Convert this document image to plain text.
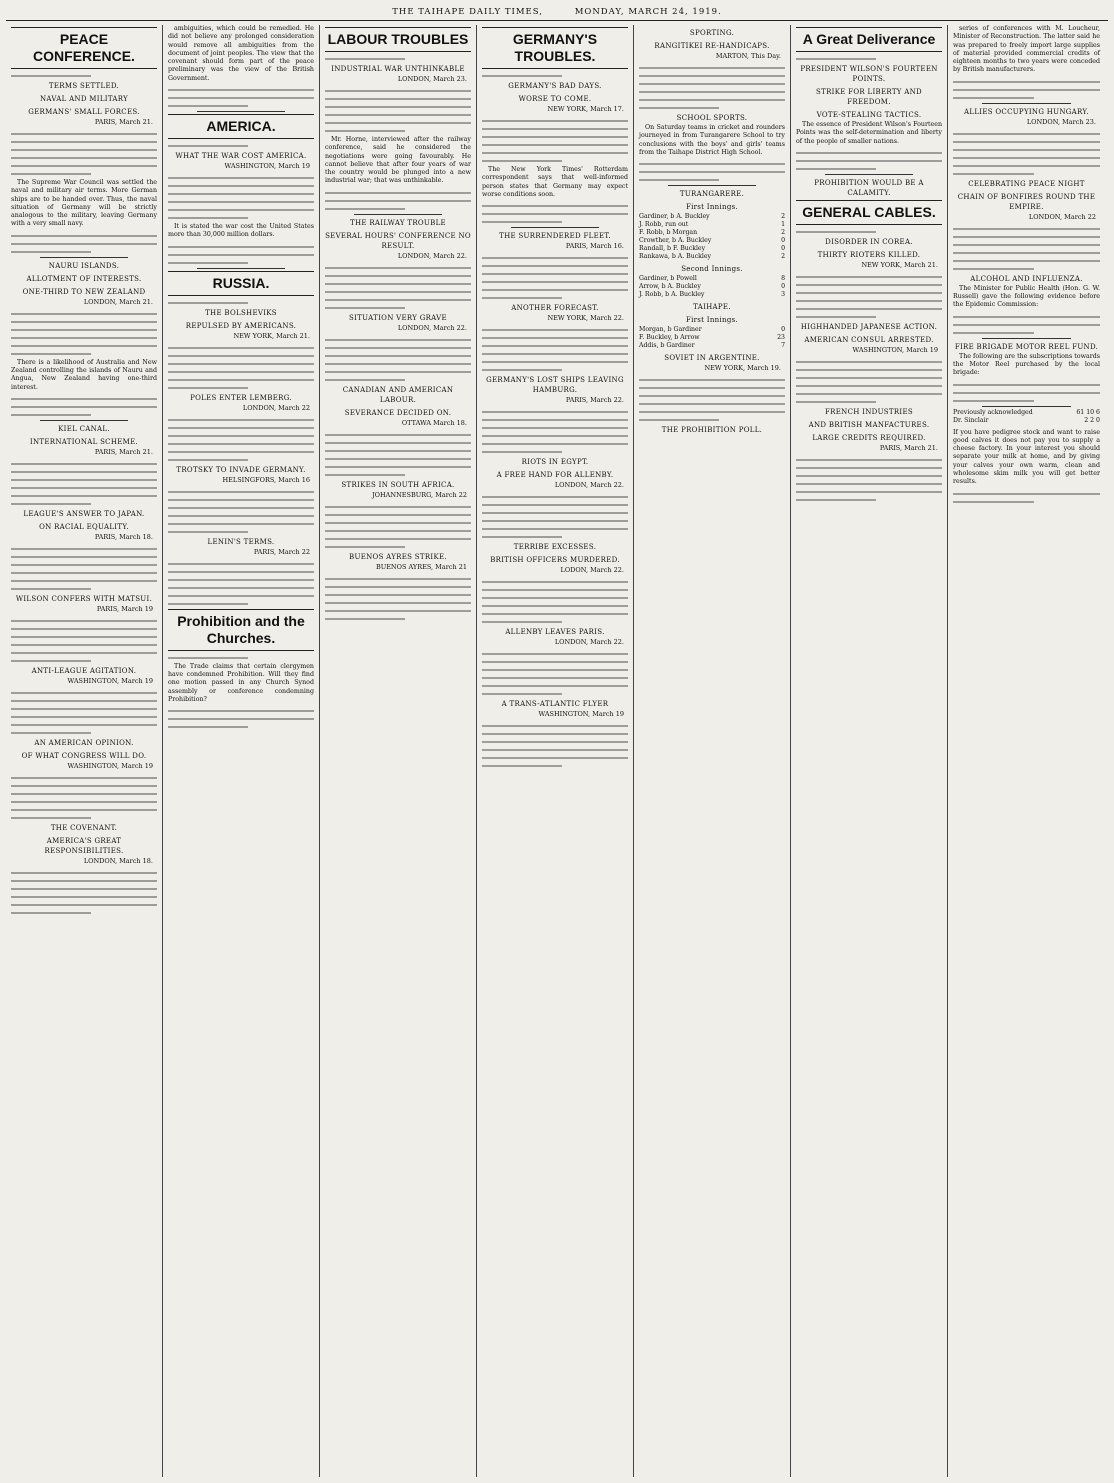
THE TAIHAPE DAILY TIMES,	MONDAY, MARCH 24, 1919.
PEACE CONFERENCE.
TERMS SETTLED.
NAVAL AND MILITARY
GERMANS' SMALL FORCES.
PARIS, March 21.

The Supreme War Council was settled the naval and military air terms. More German ships are to be handed over. Thus, the naval situation of Germany will be strictly analogous to the military, leaving Germany with a very small navy.

NAURU ISLANDS.
ALLOTMENT OF INTERESTS.
ONE-THIRD TO NEW ZEALAND
LONDON, March 21.

There is a likelihood of Australia and New Zealand controlling the islands of Nauru and Angua, New Zealand having one-third interest.

KIEL CANAL.
INTERNATIONAL SCHEME.
PARIS, March 21.
LEAGUE'S ANSWER TO JAPAN.
ON RACIAL EQUALITY.
PARIS, March 18.
WILSON CONFERS WITH MATSUI.
PARIS, March 19
ANTI-LEAGUE AGITATION.
WASHINGTON, March 19
AN AMERICAN OPINION.
OF WHAT CONGRESS WILL DO.
WASHINGTON, March 19
THE COVENANT.
AMERICA'S GREAT RESPONSIBILITIES.
LONDON, March 18.

ambiguities, which could be remedied. He did not believe any prolonged consideration would remove all ambiguities from the document of joint peoples. The view that the covenant should form part of the peace preliminary was the view of the British Government.

AMERICA.
WHAT THE WAR COST AMERICA.
WASHINGTON, March 19

It is stated the war cost the United States more than 30,000 million dollars.

RUSSIA.
THE BOLSHEVIKS
REPULSED BY AMERICANS.
NEW YORK, March 21.
POLES ENTER LEMBERG.
LONDON, March 22
TROTSKY TO INVADE GERMANY.
HELSINGFORS, March 16
LENIN'S TERMS.
PARIS, March 22
Prohibition and the Churches.

The Trade claims that certain clergymen have condemned Prohibition. Will they find one motion passed in any Church Synod assembly or conference condemning Prohibition?

LABOUR TROUBLES
INDUSTRIAL WAR UNTHINKABLE
LONDON, March 23.

Mr. Horne, interviewed after the railway conference, said he considered the negotiations were going favourably. He cannot believe that after four years of war the country would be plunged into a new industrial war; that was unthinkable.

THE RAILWAY TROUBLE
SEVERAL HOURS' CONFERENCE NO RESULT.
LONDON, March 22.
SITUATION VERY GRAVE
LONDON, March 22.
CANADIAN AND AMERICAN LABOUR.
SEVERANCE DECIDED ON.
OTTAWA March 18.
STRIKES IN SOUTH AFRICA.
JOHANNESBURG, March 22
BUENOS AYRES STRIKE.
BUENOS AYRES, March 21
GERMANY'S TROUBLES.
GERMANY'S BAD DAYS.
WORSE TO COME.
NEW YORK, March 17.

The New York Times' Rotterdam correspondent says that well-informed person states that Germany may expect worse conditions soon.

THE SURRENDERED FLEET.
PARIS, March 16.
ANOTHER FORECAST.
NEW YORK, March 22.
GERMANY'S LOST SHIPS LEAVING HAMBURG.
PARIS, March 22.
RIOTS IN EGYPT.
A FREE HAND FOR ALLENBY.
LONDON, March 22.
TERRIBE EXCESSES.
BRITISH OFFICERS MURDERED.
LODON, March 22.
ALLENBY LEAVES PARIS.
LONDON, March 22.
A TRANS-ATLANTIC FLYER
WASHINGTON, March 19
SPORTING.
RANGITIKEI RE-HANDICAPS.
MARTON, This Day.
SCHOOL SPORTS.

On Saturday teams in cricket and rounders journeyed in from Turangarere School to try conclusions with the boys' and girls' teams from the Taihape District High School.

TURANGARERE.
First Innings.
Gardiner, b A. Buckley	2
J. Robb, run out	1
F. Robb, b Morgan	2
Crowther, b A. Buckley	0
Randall, b F. Buckley	0
Rankawa, b A. Buckley	2
Second Innings.
Gardiner, b Powell	8
Arrow, b A. Buckley	0
J. Robb, b A. Buckley	3
TAIHAPE.
First Innings.
Morgan, b Gardiner	0
F. Buckley, b Arrow	23
Addis, b Gardiner	7
SOVIET IN ARGENTINE.
NEW YORK, March 19.
THE PROHIBITION POLL.
A Great Deliverance
PRESIDENT WILSON'S FOURTEEN POINTS.
STRIKE FOR LIBERTY AND FREEDOM.
VOTE-STEALING TACTICS.

The essence of President Wilson's Fourteen Points was the self-determination and liberty of the people of smaller nations.

PROHIBITION WOULD BE A CALAMITY.
GENERAL CABLES.
DISORDER IN COREA.
THIRTY RIOTERS KILLED.
NEW YORK, March 21.
HIGHHANDED JAPANESE ACTION.
AMERICAN CONSUL ARRESTED.
WASHINGTON, March 19
FRENCH INDUSTRIES
AND BRITISH MANFACTURES.
LARGE CREDITS REQUIRED.
PARIS, March 21.

series of conferences with M. Loucheur, Minister of Reconstruction. The latter said he was prepared to freely import large supplies of material provided commercial credits of eighteen months to two years were conceded by British manufacturers.

ALLIES OCCUPYING HUNGARY.
LONDON, March 23.
CELEBRATING PEACE NIGHT
CHAIN OF BONFIRES ROUND THE EMPIRE.
LONDON, March 22
ALCOHOL AND INFLUENZA.

The Minister for Public Health (Hon. G. W. Russell) gave the following evidence before the Epidemic Commission:

FIRE BRIGADE MOTOR REEL FUND.

The following are the subscriptions towards the Motor Reel purchased by the local brigade:

Previously acknowledged	61 10 6
Dr. Sinclair	2 2 0

If you have pedigree stock and want to raise good calves it does not pay you to supply a cheese factory. In your interest you should separate your milk at home, and by giving your calves your own warm, clean and wholesome skim milk you will get better results.
